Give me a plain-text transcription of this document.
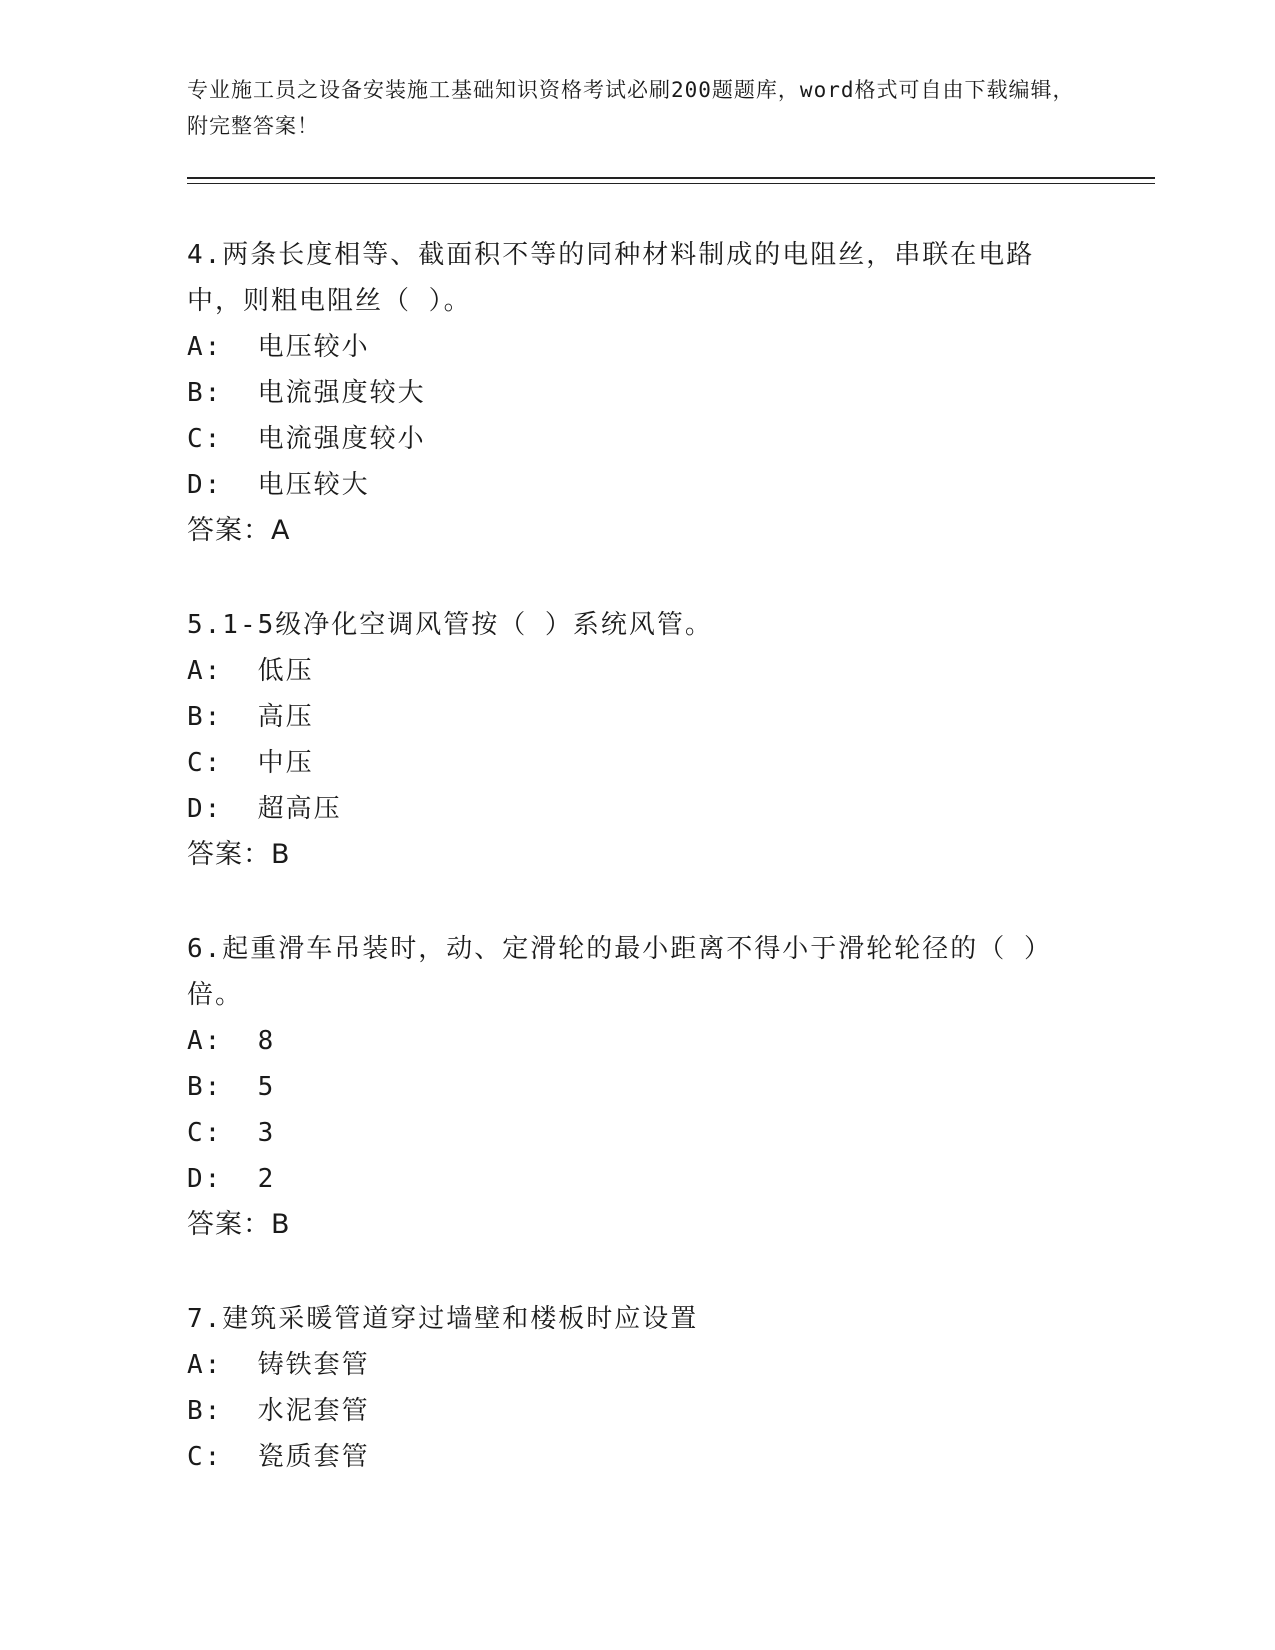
专业施工员之设备安装施工基础知识资格考试必刷200题题库，word格式可自由下载编辑，附完整答案！
4.两条长度相等、截面积不等的同种材料制成的电阻丝，串联在电路中，则粗电阻丝（ ）。
A:  电压较小
B:  电流强度较大
C:  电流强度较小
D:  电压较大
答案：A
5.1-5级净化空调风管按（ ）系统风管。
A:  低压
B:  高压
C:  中压
D:  超高压
答案：B
6.起重滑车吊装时，动、定滑轮的最小距离不得小于滑轮轮径的（ ）倍。
A:  8
B:  5
C:  3
D:  2
答案：B
7.建筑采暖管道穿过墙壁和楼板时应设置
A:  铸铁套管
B:  水泥套管
C:  瓷质套管
